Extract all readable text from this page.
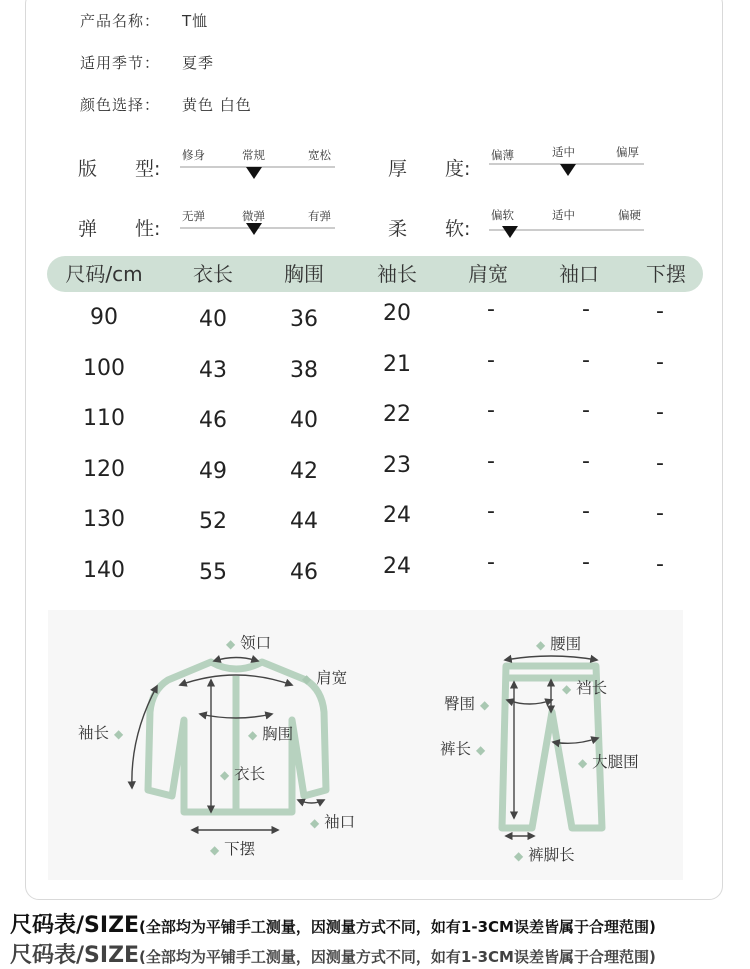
产品名称： T恤
适用季节： 夏季
颜色选择： 黄色 白色
版　　型:
修身	常规	宽松
厚　　度:
偏薄	适中	偏厚
弹　　性:
无弹	微弹	有弹
柔　　软:
偏软	适中	偏硬
尺码/cm	衣长	胸围	袖长	肩宽	袖口 下摆
90	40	36	20	-	-	-
100	43	38	21	-	-	-
110	46	40	22	-	-	-
120	49	42	23	-	-	-
130	52	44	24	-	-	-
140	55	46	24	-	-	-
◆ 领口
◆ 肩宽
袖长 ◆	◆ 胸围
◆ 衣长
◆ 袖口
◆ 下摆
◆ 腰围
◆ 裆长
臀围 ◆
裤长 ◆
◆ 大腿围
◆ 裤脚长
尺码表/SIZE(全部均为平铺手工测量，因测量方式不同，如有1-3CM误差皆属于合理范围)
尺码表/SIZE(全部均为平铺手工测量，因测量方式不同，如有1-3CM误差皆属于合理范围)
